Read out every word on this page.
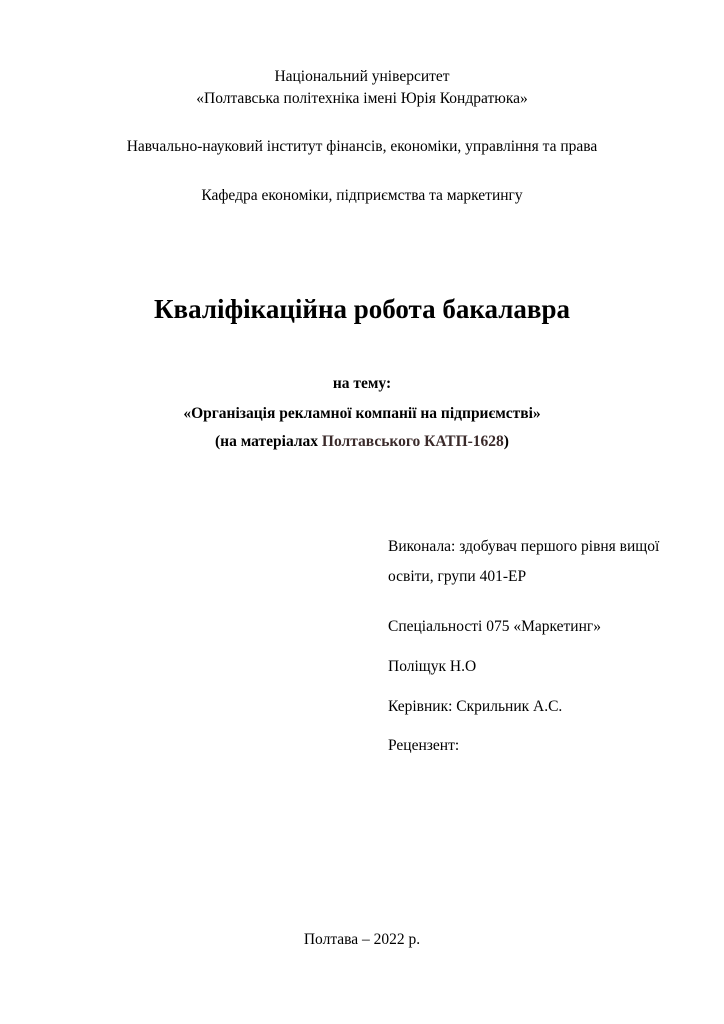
Національний університет
«Полтавська політехніка імені Юрія Кондратюка»
Навчально-науковий інститут фінансів, економіки, управління та права
Кафедра економіки, підприємства та маркетингу
Кваліфікаційна робота бакалавра
на тему:
«Організація рекламної компанії на підприємстві»
(на матеріалах Полтавського КАТП-1628)
Виконала: здобувач першого рівня вищої
освіти, групи 401-ЕР
Спеціальності 075 «Маркетинг»
Поліщук Н.О
Керівник: Скрильник А.С.
Рецензент:
Полтава – 2022 р.
